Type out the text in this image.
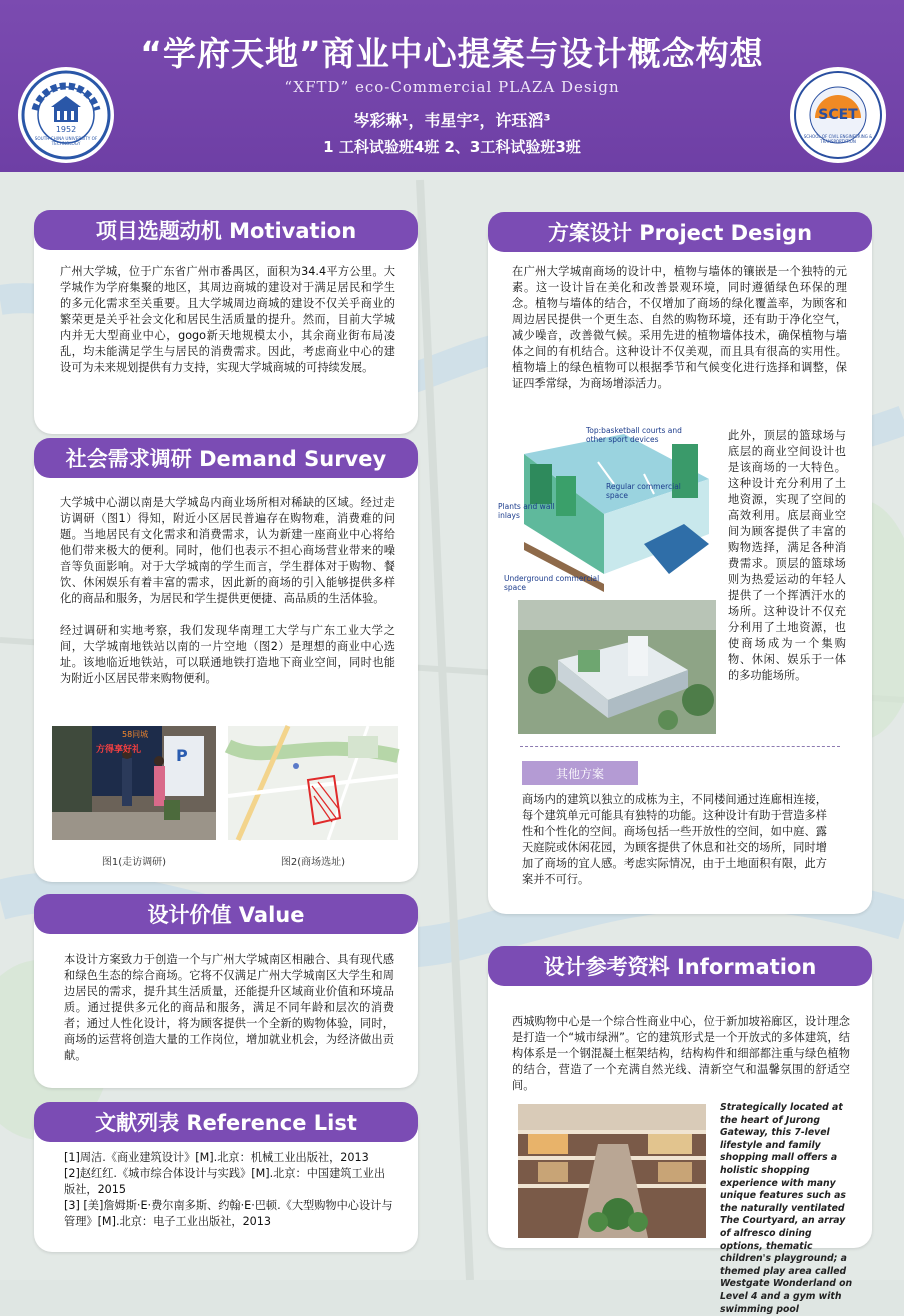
“学府天地”商业中心提案与设计概念构想
“XFTD” eco-Commercial PLAZA Design
岑彩琳¹，韦星宇²，许珏滔³
1 工科试验班4班 2、3工科试验班3班
1952
SOUTH CHINA UNIVERSITY OF TECHNOLOGY
SCET
SCHOOL OF CIVIL ENGINEERING & TRANSPORTATION
项目选题动机 Motivation
广州大学城，位于广东省广州市番禺区，面积为34.4平方公里。大学城作为学府集聚的地区，其周边商城的建设对于满足居民和学生的多元化需求至关重要。且大学城周边商城的建设不仅关乎商业的繁荣更是关乎社会文化和居民生活质量的提升。然而，目前大学城内并无大型商业中心，gogo新天地规模太小，其余商业街布局凌乱，均未能满足学生与居民的消费需求。因此，考虑商业中心的建设可为未来规划提供有力支持，实现大学城商城的可持续发展。
社会需求调研 Demand Survey

大学城中心湖以南是大学城岛内商业场所相对稀缺的区域。经过走访调研（图1）得知，附近小区居民普遍存在购物难，消费难的问题。当地居民有文化需求和消费需求，认为新建一座商业中心将给他们带来极大的便利。同时，他们也表示不担心商场营业带来的噪音等负面影响。对于大学城南的学生而言，学生群体对于购物、餐饮、休闲娱乐有着丰富的需求，因此新的商场的引入能够提供多样化的商品和服务，为居民和学生提供更便捷、高品质的生活体验。

经过调研和实地考察，我们发现华南理工大学与广东工业大学之间，大学城南地铁站以南的一片空地（图2）是理想的商业中心选址。该地临近地铁站，可以联通地铁打造地下商业空间，同时也能为附近小区居民带来购物便利。

58同城
方得享好礼 P
图1(走访调研)	图2(商场选址)
设计价值 Value
本设计方案致力于创造一个与广州大学城南区相融合、具有现代感和绿色生态的综合商场。它将不仅满足广州大学城南区大学生和周边居民的需求，提升其生活质量，还能提升区域商业价值和环境品质。通过提供多元化的商品和服务，满足不同年龄和层次的消费者；通过人性化设计，将为顾客提供一个全新的购物体验，同时，商场的运营将创造大量的工作岗位，增加就业机会，为经济做出贡献。
文献列表 Reference List
[1]周洁.《商业建筑设计》[M].北京：机械工业出版社，2013
[2]赵红红.《城市综合体设计与实践》[M].北京：中国建筑工业出版社，2015
[3] [美]詹姆斯·E·费尔南多斯、约翰·E·巴顿.《大型购物中心设计与管理》[M].北京：电子工业出版社，2013
方案设计 Project Design
在广州大学城南商场的设计中，植物与墙体的镶嵌是一个独特的元素。这一设计旨在美化和改善景观环境，同时遵循绿色环保的理念。植物与墙体的结合，不仅增加了商场的绿化覆盖率，为顾客和周边居民提供一个更生态、自然的购物环境，还有助于净化空气，减少噪音，改善微气候。采用先进的植物墙体技术，确保植物与墙体之间的有机结合。这种设计不仅美观，而且具有很高的实用性。植物墙上的绿色植物可以根据季节和气候变化进行选择和调整，保证四季常绿，为商场增添活力。
Top:basketball courts and other sport devices
Regular commercial space
Plants and wall inlays
Underground commercial space
此外，顶层的篮球场与底层的商业空间设计也是该商场的一大特色。这种设计充分利用了土地资源，实现了空间的高效利用。底层商业空间为顾客提供了丰富的购物选择，满足各种消费需求。顶层的篮球场则为热爱运动的年轻人提供了一个挥洒汗水的场所。这种设计不仅充分利用了土地资源，也使商场成为一个集购物、休闲、娱乐于一体的多功能场所。
其他方案
商场内的建筑以独立的成栋为主，不同楼间通过连廊相连接，每个建筑单元可能具有独特的功能。这种设计有助于营造多样性和个性化的空间。商场包括一些开放性的空间，如中庭、露天庭院或休闲花园，为顾客提供了休息和社交的场所，同时增加了商场的宜人感。考虑实际情况，由于土地面积有限，此方案并不可行。
设计参考资料 Information
西城购物中心是一个综合性商业中心，位于新加坡裕廊区，设计理念是打造一个“城市绿洲”。它的建筑形式是一个开放式的多体建筑，结构体系是一个钢混凝土框架结构，结构构件和细部都注重与绿色植物的结合，营造了一个充满自然光线、清新空气和温馨氛围的舒适空间。
Strategically located at the heart of Jurong Gateway, this 7-level lifestyle and family shopping mall offers a holistic shopping experience with many unique features such as the naturally ventilated The Courtyard, an array of alfresco dining options, thematic children's playground; a themed play area called Westgate Wonderland on Level 4 and a gym with swimming pool
